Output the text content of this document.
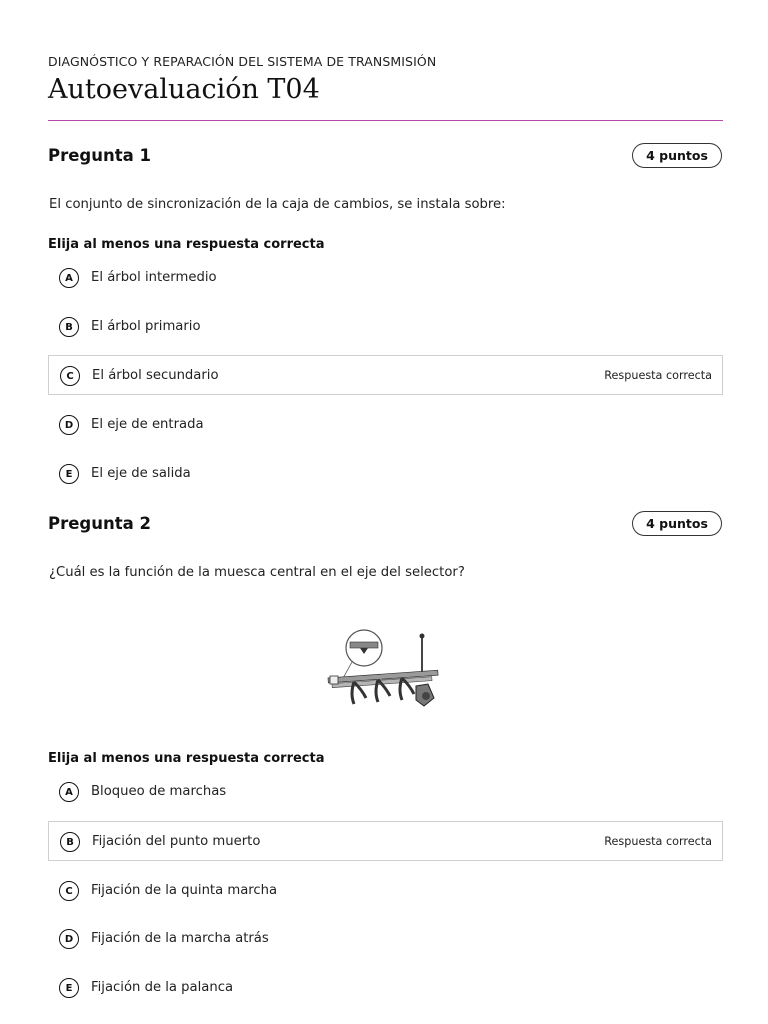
DIAGNÓSTICO Y REPARACIÓN DEL SISTEMA DE TRANSMISIÓN
Autoevaluación T04
Pregunta 1	4 puntos
El conjunto de sincronización de la caja de cambios, se instala sobre:
Elija al menos una respuesta correcta
A	El árbol intermedio
B	El árbol primario
C	El árbol secundario	Respuesta correcta
D	El eje de entrada
E	El eje de salida
Pregunta 2	4 puntos
¿Cuál es la función de la muesca central en el eje del selector?
Elija al menos una respuesta correcta
A	Bloqueo de marchas
B	Fijación del punto muerto	Respuesta correcta
C	Fijación de la quinta marcha
D	Fijación de la marcha atrás
E	Fijación de la palanca
